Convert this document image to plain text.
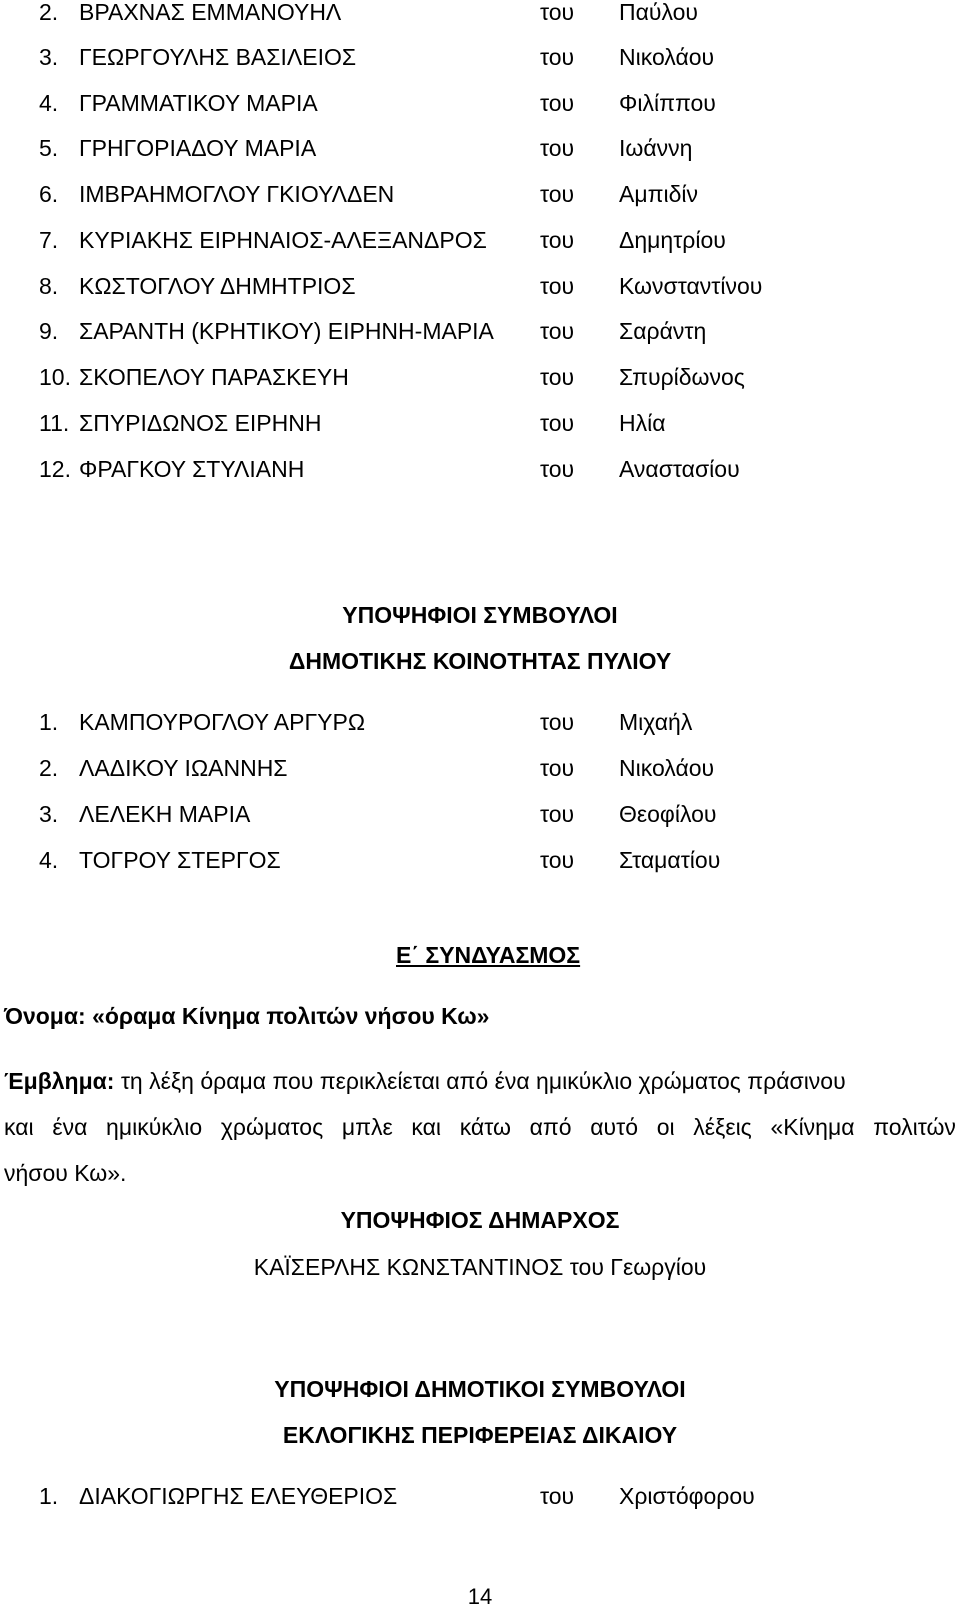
2. ΒΡΑΧΝΑΣ ΕΜΜΑΝΟΥΗΛ	του Παύλου
3. ΓΕΩΡΓΟΥΛΗΣ ΒΑΣΙΛΕΙΟΣ	του Νικολάου
4. ΓΡΑΜΜΑΤΙΚΟΥ ΜΑΡΙΑ	του Φιλίππου
5. ΓΡΗΓΟΡΙΑΔΟΥ ΜΑΡΙΑ	του Ιωάννη
6. ΙΜΒΡΑΗΜΟΓΛΟΥ ΓΚΙΟΥΛΔΕΝ	του Αμπιδίν
7. ΚΥΡΙΑΚΗΣ ΕΙΡΗΝΑΙΟΣ-ΑΛΕΞΑΝΔΡΟΣ του Δημητρίου
8. ΚΩΣΤΟΓΛΟΥ ΔΗΜΗΤΡΙΟΣ	του Κωνσταντίνου
9. ΣΑΡΑΝΤΗ (ΚΡΗΤΙΚΟΥ) ΕΙΡΗΝΗ-ΜΑΡΙΑ του Σαράντη
10. ΣΚΟΠΕΛΟΥ ΠΑΡΑΣΚΕΥΗ	του Σπυρίδωνος
11. ΣΠΥΡΙΔΩΝΟΣ ΕΙΡΗΝΗ	του Ηλία
12. ΦΡΑΓΚΟΥ ΣΤΥΛΙΑΝΗ	του Αναστασίου
ΥΠΟΨΗΦΙΟΙ ΣΥΜΒΟΥΛΟΙ
ΔΗΜΟΤΙΚΗΣ ΚΟΙΝΟΤΗΤΑΣ ΠΥΛΙΟΥ
1. ΚΑΜΠΟΥΡΟΓΛΟΥ ΑΡΓΥΡΩ	του Μιχαήλ
2. ΛΑΔΙΚΟΥ ΙΩΑΝΝΗΣ	του Νικολάου
3. ΛΕΛΕΚΗ ΜΑΡΙΑ	του Θεοφίλου
4. ΤΟΓΡΟΥ ΣΤΕΡΓΟΣ	του Σταματίου
Ε΄ ΣΥΝΔΥΑΣΜΟΣ
Όνομα: «όραμα Κίνημα πολιτών νήσου Κω»
Έμβλημα: τη λέξη όραμα που περικλείεται από ένα ημικύκλιο χρώματος πράσινου
και ένα ημικύκλιο χρώματος μπλε και κάτω από αυτό οι λέξεις «Κίνημα πολιτών
νήσου Κω».
ΥΠΟΨΗΦΙΟΣ ΔΗΜΑΡΧΟΣ
ΚΑΪΣΕΡΛΗΣ ΚΩΝΣΤΑΝΤΙΝΟΣ του Γεωργίου
ΥΠΟΨΗΦΙΟΙ ΔΗΜΟΤΙΚΟΙ ΣΥΜΒΟΥΛΟΙ
ΕΚΛΟΓΙΚΗΣ ΠΕΡΙΦΕΡΕΙΑΣ ΔΙΚΑΙΟΥ
1. ΔΙΑΚΟΓΙΩΡΓΗΣ ΕΛΕΥΘΕΡΙΟΣ	του Χριστόφορου
14
